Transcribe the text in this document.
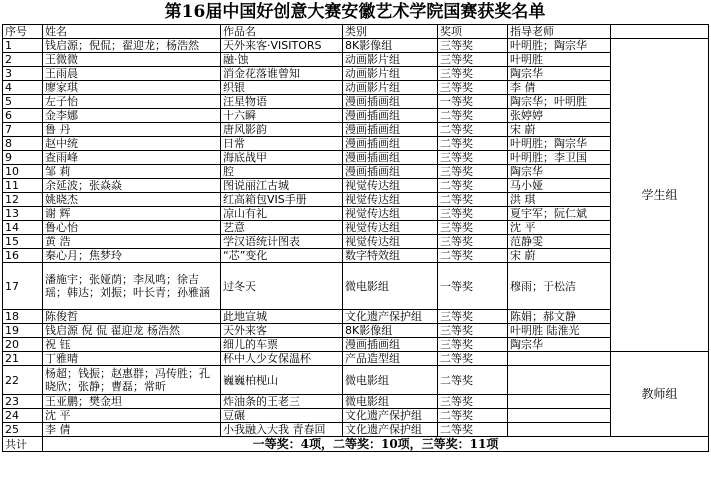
第16届中国好创意大赛安徽艺术学院国赛获奖名单
序号	姓名	作品名	类别	奖项	指导老师	
1	钱启源；倪侃；翟迎龙；杨浩然	天外来客·VISITORS	8K影像组	三等奖	叶明胜；陶宗华	学生组
2	王微微	融·蚀	动画影片组	三等奖	叶明胜	
3	王雨晨	消金花落谁曾知	动画影片组	三等奖	陶宗华	
4	廖家琪	织银	动画影片组	三等奖	李 倩	
5	左子怡	汪星物语	漫画插画组	一等奖	陶宗华；叶明胜	
6	金李娜	十六瞬	漫画插画组	二等奖	张婷婷	
7	鲁 丹	唐风影韵	漫画插画组	二等奖	宋 蔚	
8	赵中统	日常	漫画插画组	二等奖	叶明胜；陶宗华	
9	查雨峰	海底战甲	漫画插画组	三等奖	叶明胜；李卫国	
10	邹 莉	腔	漫画插画组	三等奖	陶宗华	
11	余延波；张焱焱	图说丽江古城	视觉传达组	二等奖	马小娅	
12	姚晓杰	红高箱包VIS手册	视觉传达组	二等奖	洪 琪	
13	谢 辉	凉山有礼	视觉传达组	三等奖	夏宇军；阮仁斌	
14	鲁心怡	艺意	视觉传达组	三等奖	沈 平	
15	黄 浩	学汉语统计图表	视觉传达组	三等奖	范静雯	
16	秦心月；焦梦玲	“芯”变化	数字特效组	二等奖	宋 蔚	
17	潘施宇；张娅荫；李凤鸣；徐吉瑶；韩达；刘振；叶长青；孙雅涵	过冬天	微电影组	一等奖	穆雨；于松洁	
18	陈俊哲	此地宣城	文化遗产保护组	三等奖	陈娟；郝文静	
19	钱启源 倪 侃 翟迎龙 杨浩然	天外来客	8K影像组	三等奖	叶明胜 陆淮光	
20	祝 钰	细儿的车票	漫画插画组	三等奖	陶宗华	
21	丁雅晴	杯中人少女保温杯	产品造型组	二等奖		教师组
22	杨超；钱振；赵惠群；冯传胜；孔晓欣；张静；曹磊；常昕	巍巍柏枧山	微电影组	二等奖		
23	王亚鹏；樊金坦	炸油条的王老三	微电影组	三等奖		
24	沈 平	豆碾	文化遗产保护组	二等奖		
25	李 倩	小我融入大我 青春回	文化遗产保护组	二等奖		
共计	一等奖：4项，二等奖：10项，三等奖：11项					
